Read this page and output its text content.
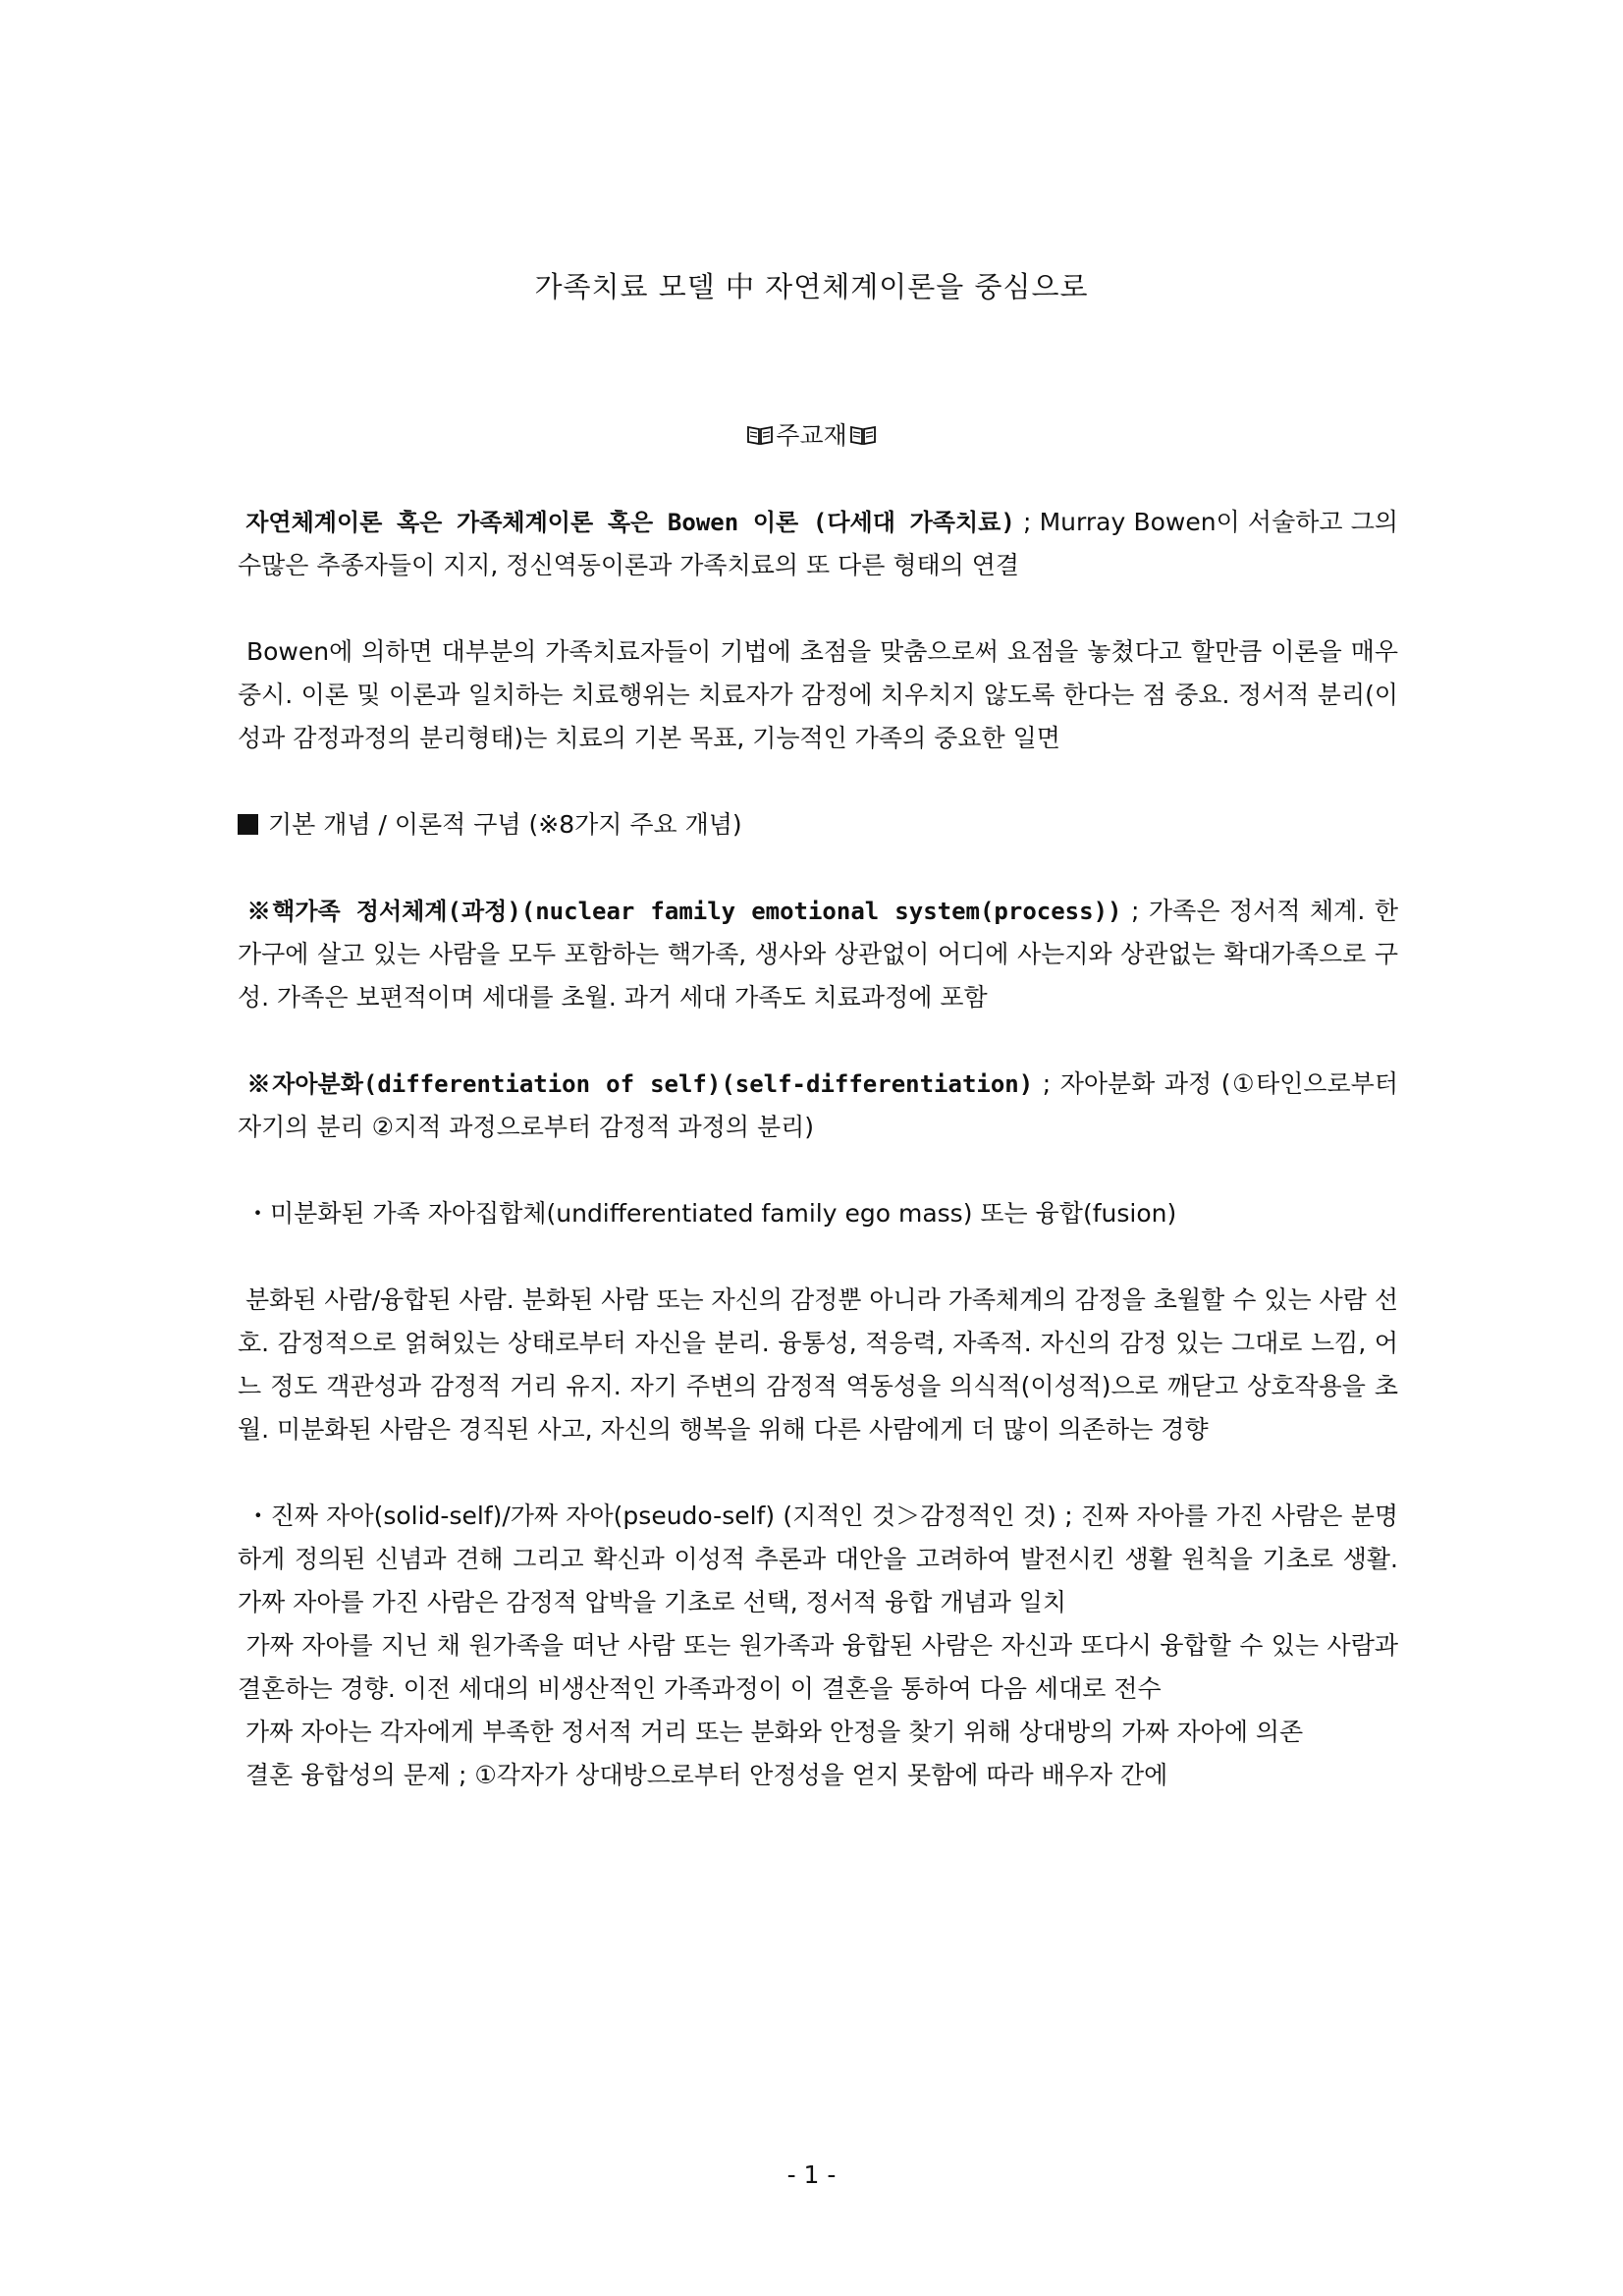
가족치료 모델 中 자연체계이론을 중심으로
주교재

자연체계이론 혹은 가족체계이론 혹은 Bowen 이론 (다세대 가족치료) ; Murray Bowen이 서술하고 그의 수많은 추종자들이 지지, 정신역동이론과 가족치료의 또 다른 형태의 연결

Bowen에 의하면 대부분의 가족치료자들이 기법에 초점을 맞춤으로써 요점을 놓쳤다고 할만큼 이론을 매우 중시. 이론 및 이론과 일치하는 치료행위는 치료자가 감정에 치우치지 않도록 한다는 점 중요. 정서적 분리(이성과 감정과정의 분리형태)는 치료의 기본 목표, 기능적인 가족의 중요한 일면

기본 개념 / 이론적 구념 (※8가지 주요 개념)

※핵가족 정서체계(과정)(nuclear family emotional system(process)) ; 가족은 정서적 체계. 한 가구에 살고 있는 사람을 모두 포함하는 핵가족, 생사와 상관없이 어디에 사는지와 상관없는 확대가족으로 구성. 가족은 보편적이며 세대를 초월. 과거 세대 가족도 치료과정에 포함

※자아분화(differentiation of self)(self-differentiation) ; 자아분화 과정 (①타인으로부터 자기의 분리 ②지적 과정으로부터 감정적 과정의 분리)

・미분화된 가족 자아집합체(undifferentiated family ego mass) 또는 융합(fusion)

분화된 사람/융합된 사람. 분화된 사람 또는 자신의 감정뿐 아니라 가족체계의 감정을 초월할 수 있는 사람 선호. 감정적으로 얽혀있는 상태로부터 자신을 분리. 융통성, 적응력, 자족적. 자신의 감정 있는 그대로 느낌, 어느 정도 객관성과 감정적 거리 유지. 자기 주변의 감정적 역동성을 의식적(이성적)으로 깨닫고 상호작용을 초월. 미분화된 사람은 경직된 사고, 자신의 행복을 위해 다른 사람에게 더 많이 의존하는 경향

・진짜 자아(solid-self)/가짜 자아(pseudo-self) (지적인 것＞감정적인 것) ; 진짜 자아를 가진 사람은 분명하게 정의된 신념과 견해 그리고 확신과 이성적 추론과 대안을 고려하여 발전시킨 생활 원칙을 기초로 생활. 가짜 자아를 가진 사람은 감정적 압박을 기초로 선택, 정서적 융합 개념과 일치

가짜 자아를 지닌 채 원가족을 떠난 사람 또는 원가족과 융합된 사람은 자신과 또다시 융합할 수 있는 사람과 결혼하는 경향. 이전 세대의 비생산적인 가족과정이 이 결혼을 통하여 다음 세대로 전수

가짜 자아는 각자에게 부족한 정서적 거리 또는 분화와 안정을 찾기 위해 상대방의 가짜 자아에 의존

결혼 융합성의 문제 ; ①각자가 상대방으로부터 안정성을 얻지 못함에 따라 배우자 간에

- 1 -
